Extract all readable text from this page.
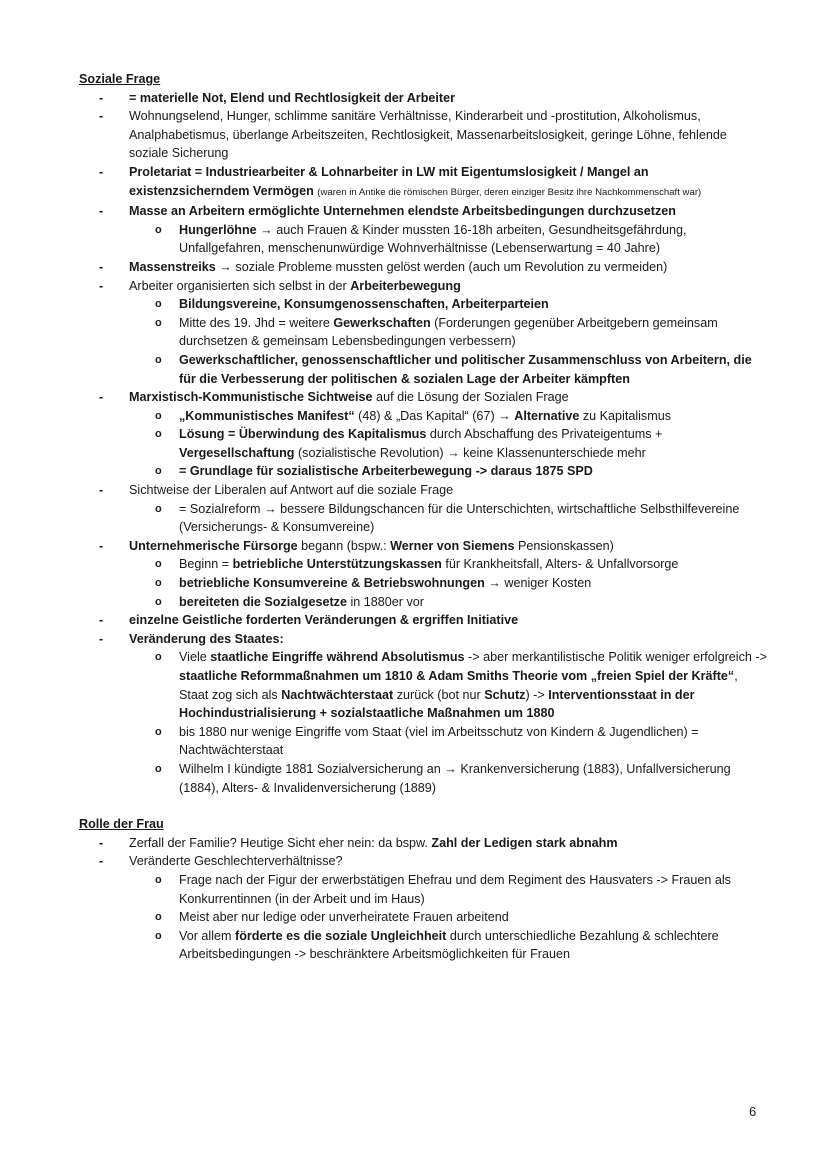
Soziale Frage
- = materielle Not, Elend und Rechtlosigkeit der Arbeiter
- Wohnungselend, Hunger, schlimme sanitäre Verhältnisse, Kinderarbeit und -prostitution, Alkoholismus, Analphabetismus, überlange Arbeitszeiten, Rechtlosigkeit, Massenarbeitslosigkeit, geringe Löhne, fehlende soziale Sicherung
- Proletariat = Industriearbeiter & Lohnarbeiter in LW mit Eigentumslosigkeit / Mangel an existenzsicherndem Vermögen (waren in Antike die römischen Bürger, deren einziger Besitz ihre Nachkommenschaft war)
- Masse an Arbeitern ermöglichte Unternehmen elendste Arbeitsbedingungen durchzusetzen
o Hungerlöhne → auch Frauen & Kinder mussten 16-18h arbeiten, Gesundheitsgefährdung, Unfallgefahren, menschenunwürdige Wohnverhältnisse (Lebenserwartung = 40 Jahre)
- Massenstreiks → soziale Probleme mussten gelöst werden (auch um Revolution zu vermeiden)
- Arbeiter organisierten sich selbst in der Arbeiterbewegung
o Bildungsvereine, Konsumgenossenschaften, Arbeiterparteien
o Mitte des 19. Jhd = weitere Gewerkschaften (Forderungen gegenüber Arbeitgebern gemeinsam durchsetzen & gemeinsam Lebensbedingungen verbessern)
o Gewerkschaftlicher, genossenschaftlicher und politischer Zusammenschluss von Arbeitern, die für die Verbesserung der politischen & sozialen Lage der Arbeiter kämpften
- Marxistisch-Kommunistische Sichtweise auf die Lösung der Sozialen Frage
o „Kommunistisches Manifest“ (48) & „Das Kapital“ (67) → Alternative zu Kapitalismus
o Lösung = Überwindung des Kapitalismus durch Abschaffung des Privateigentums + Vergesellschaftung (sozialistische Revolution) → keine Klassenunterschiede mehr
o = Grundlage für sozialistische Arbeiterbewegung -> daraus 1875 SPD
- Sichtweise der Liberalen auf Antwort auf die soziale Frage
o = Sozialreform → bessere Bildungschancen für die Unterschichten, wirtschaftliche Selbsthilfevereine (Versicherungs- & Konsumvereine)
- Unternehmerische Fürsorge begann (bspw.: Werner von Siemens Pensionskassen)
o Beginn = betriebliche Unterstützungskassen für Krankheitsfall, Alters- & Unfallvorsorge
o betriebliche Konsumvereine & Betriebswohnungen → weniger Kosten
o bereiteten die Sozialgesetze in 1880er vor
- einzelne Geistliche forderten Veränderungen & ergriffen Initiative
- Veränderung des Staates:
o Viele staatliche Eingriffe während Absolutismus -> aber merkantilistische Politik weniger erfolgreich -> staatliche Reformmaßnahmen um 1810 & Adam Smiths Theorie vom „freien Spiel der Kräfte“, Staat zog sich als Nachtwächterstaat zurück (bot nur Schutz) -> Interventionsstaat in der Hochindustrialisierung + sozialstaatliche Maßnahmen um 1880
o bis 1880 nur wenige Eingriffe vom Staat (viel im Arbeitsschutz von Kindern & Jugendlichen) = Nachtwächterstaat
o Wilhelm I kündigte 1881 Sozialversicherung an → Krankenversicherung (1883), Unfallversicherung (1884), Alters- & Invalidenversicherung (1889)
Rolle der Frau
- Zerfall der Familie? Heutige Sicht eher nein: da bspw. Zahl der Ledigen stark abnahm
- Veränderte Geschlechterverhältnisse?
o Frage nach der Figur der erwerbstätigen Ehefrau und dem Regiment des Hausvaters -> Frauen als Konkurrentinnen (in der Arbeit und im Haus)
o Meist aber nur ledige oder unverheiratete Frauen arbeitend
o Vor allem förderte es die soziale Ungleichheit durch unterschiedliche Bezahlung & schlechtere Arbeitsbedingungen -> beschränktere Arbeitsmöglichkeiten für Frauen
6
